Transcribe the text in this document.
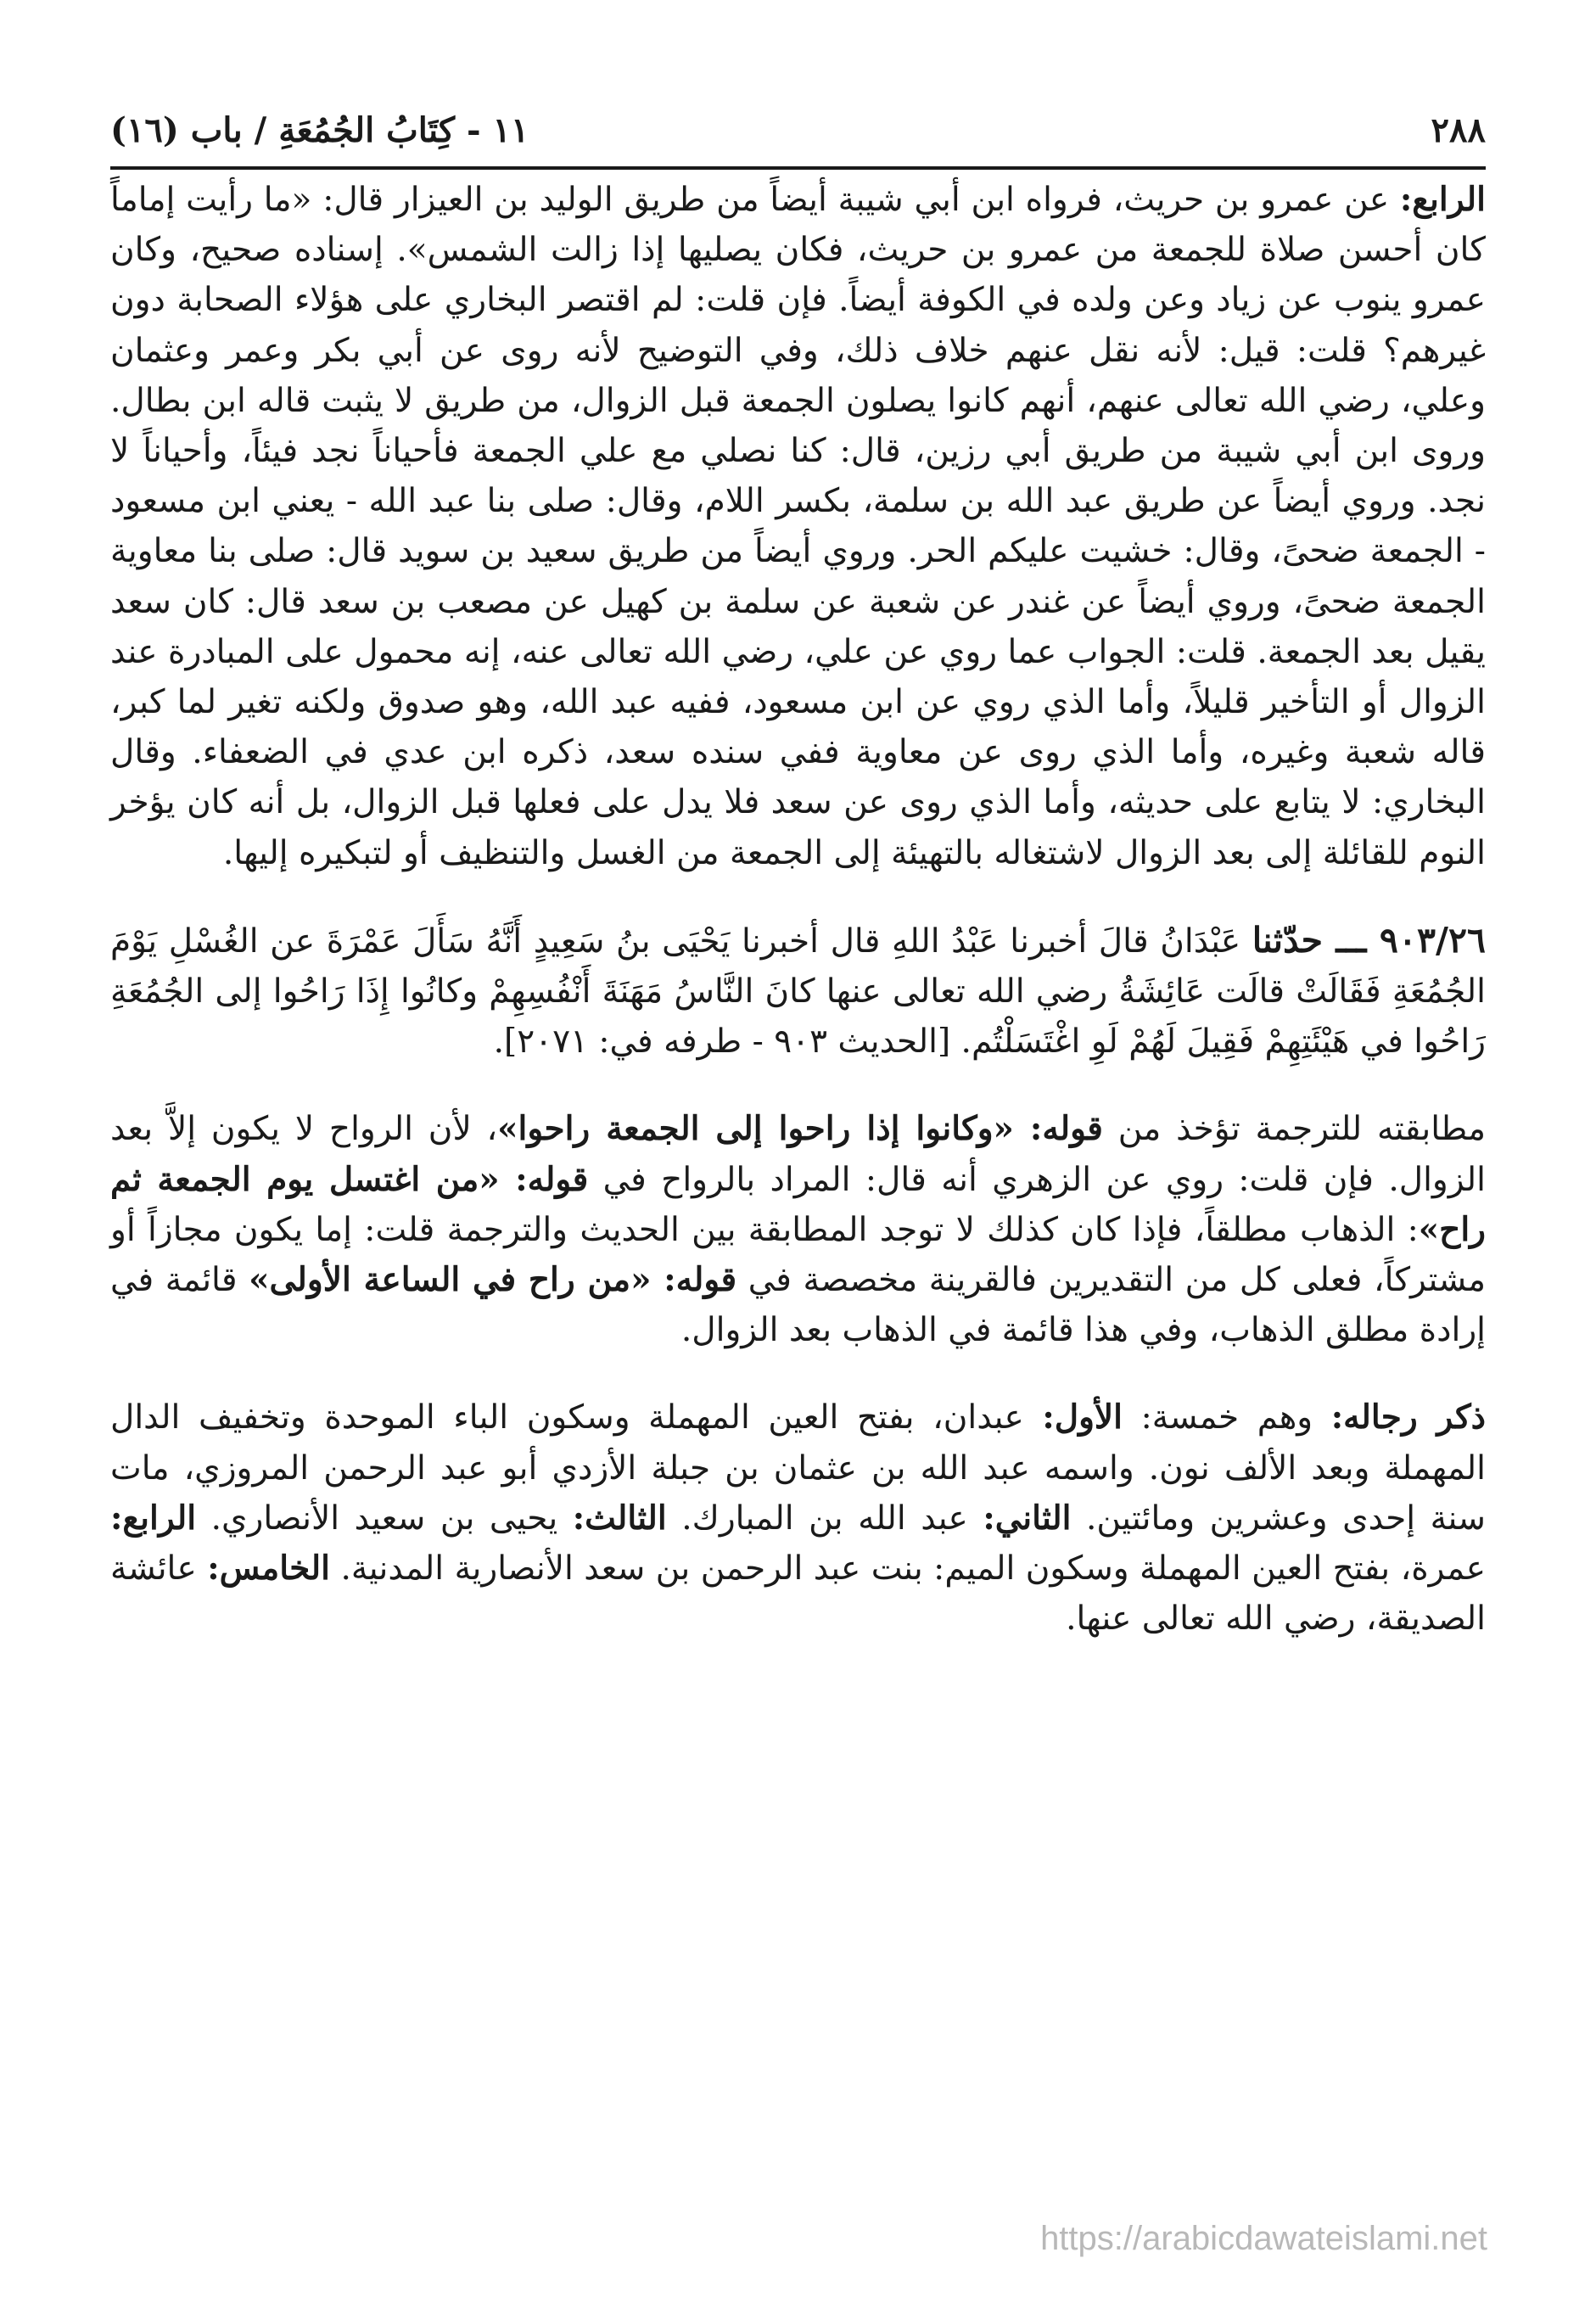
٢٨٨
١١ - كِتَابُ الجُمُعَةِ / باب (١٦)

الرابع: عن عمرو بن حريث، فرواه ابن أبي شيبة أيضاً من طريق الوليد بن العيزار قال: «ما رأيت إماماً كان أحسن صلاة للجمعة من عمرو بن حريث، فكان يصليها إذا زالت الشمس». إسناده صحيح، وكان عمرو ينوب عن زياد وعن ولده في الكوفة أيضاً. فإن قلت: لم اقتصر البخاري على هؤلاء الصحابة دون غيرهم؟ قلت: قيل: لأنه نقل عنهم خلاف ذلك، وفي التوضيح لأنه روى عن أبي بكر وعمر وعثمان وعلي، رضي الله تعالى عنهم، أنهم كانوا يصلون الجمعة قبل الزوال، من طريق لا يثبت قاله ابن بطال. وروى ابن أبي شيبة من طريق أبي رزين، قال: كنا نصلي مع علي الجمعة فأحياناً نجد فيئاً، وأحياناً لا نجد. وروي أيضاً عن طريق عبد الله بن سلمة، بكسر اللام، وقال: صلى بنا عبد الله - يعني ابن مسعود - الجمعة ضحىً، وقال: خشيت عليكم الحر. وروي أيضاً من طريق سعيد بن سويد قال: صلى بنا معاوية الجمعة ضحىً، وروي أيضاً عن غندر عن شعبة عن سلمة بن كهيل عن مصعب بن سعد قال: كان سعد يقيل بعد الجمعة. قلت: الجواب عما روي عن علي، رضي الله تعالى عنه، إنه محمول على المبادرة عند الزوال أو التأخير قليلاً، وأما الذي روي عن ابن مسعود، ففيه عبد الله، وهو صدوق ولكنه تغير لما كبر، قاله شعبة وغيره، وأما الذي روى عن معاوية ففي سنده سعد، ذكره ابن عدي في الضعفاء. وقال البخاري: لا يتابع على حديثه، وأما الذي روى عن سعد فلا يدل على فعلها قبل الزوال، بل أنه كان يؤخر النوم للقائلة إلى بعد الزوال لاشتغاله بالتهيئة إلى الجمعة من الغسل والتنظيف أو لتبكيره إليها.

٩٠٣/٢٦ ـــ حدّثنا عَبْدَانُ قالَ أخبرنا عَبْدُ اللهِ قال أخبرنا يَحْيَى بنُ سَعِيدٍ أَنَّهُ سَأَلَ عَمْرَةَ عن الغُسْلِ يَوْمَ الجُمُعَةِ فَقَالَتْ قالَت عَائِشَةُ رضي الله تعالى عنها كانَ النَّاسُ مَهَنَةَ أَنْفُسِهِمْ وكانُوا إِذَا رَاحُوا إلى الجُمُعَةِ رَاحُوا في هَيْئَتِهِمْ فَقِيلَ لَهُمْ لَوِ اغْتَسَلْتُم. [الحديث ٩٠٣ - طرفه في: ٢٠٧١].

مطابقته للترجمة تؤخذ من قوله: «وكانوا إذا راحوا إلى الجمعة راحوا»، لأن الرواح لا يكون إلاَّ بعد الزوال. فإن قلت: روي عن الزهري أنه قال: المراد بالرواح في قوله: «من اغتسل يوم الجمعة ثم راح»: الذهاب مطلقاً، فإذا كان كذلك لا توجد المطابقة بين الحديث والترجمة قلت: إما يكون مجازاً أو مشتركاً، فعلى كل من التقديرين فالقرينة مخصصة في قوله: «من راح في الساعة الأولى» قائمة في إرادة مطلق الذهاب، وفي هذا قائمة في الذهاب بعد الزوال.

ذكر رجاله: وهم خمسة: الأول: عبدان، بفتح العين المهملة وسكون الباء الموحدة وتخفيف الدال المهملة وبعد الألف نون. واسمه عبد الله بن عثمان بن جبلة الأزدي أبو عبد الرحمن المروزي، مات سنة إحدى وعشرين ومائتين. الثاني: عبد الله بن المبارك. الثالث: يحيى بن سعيد الأنصاري. الرابع: عمرة، بفتح العين المهملة وسكون الميم: بنت عبد الرحمن بن سعد الأنصارية المدنية. الخامس: عائشة الصديقة، رضي الله تعالى عنها.

https://arabicdawateislami.net
